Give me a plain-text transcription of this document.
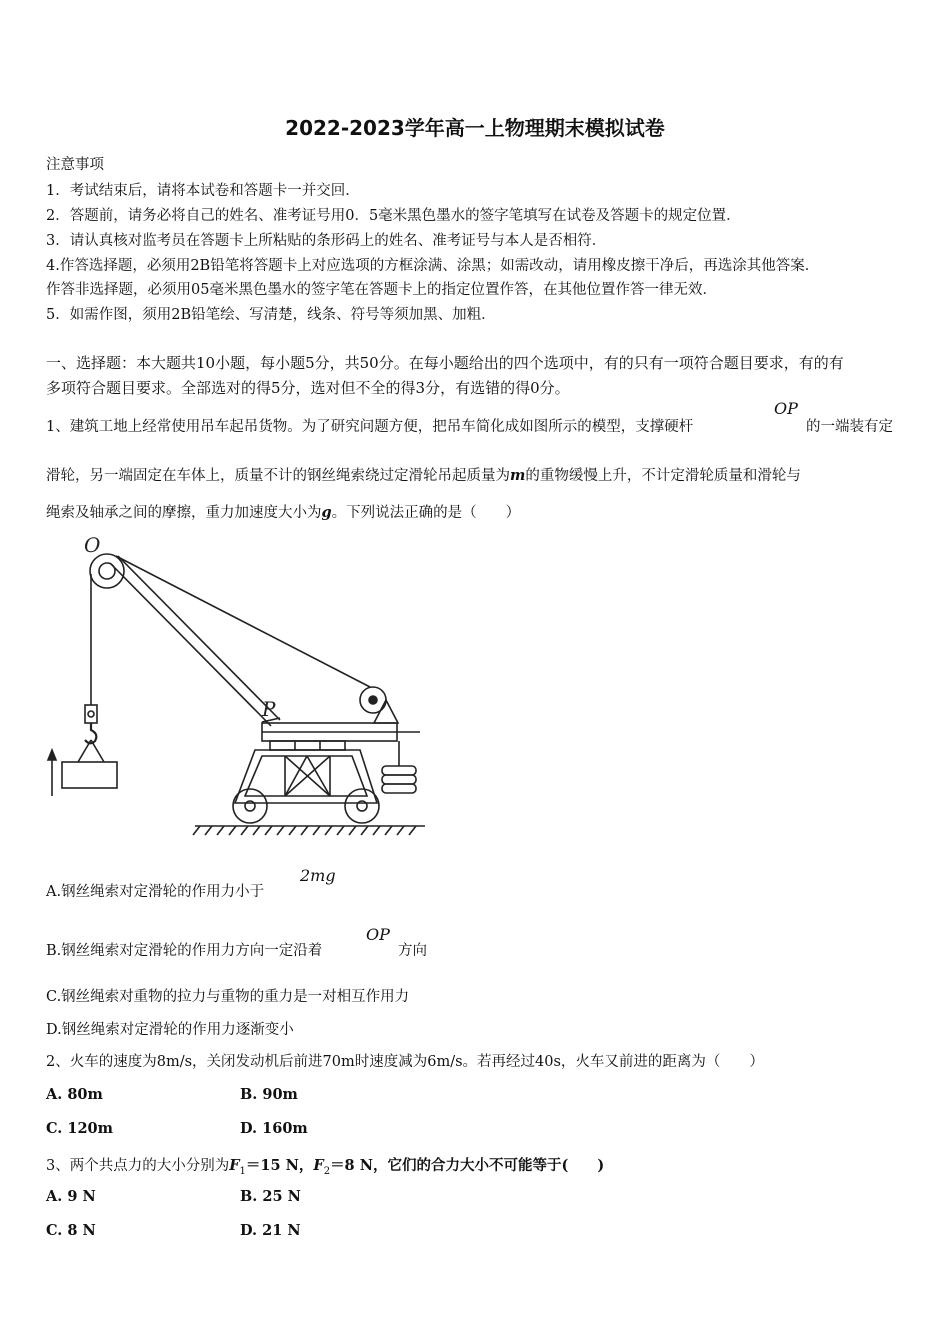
2022-2023学年高一上物理期末模拟试卷
注意事项
1．考试结束后，请将本试卷和答题卡一并交回．
2．答题前，请务必将自己的姓名、准考证号用0．5毫米黑色墨水的签字笔填写在试卷及答题卡的规定位置．
3．请认真核对监考员在答题卡上所粘贴的条形码上的姓名、准考证号与本人是否相符．
4.作答选择题，必须用2B铅笔将答题卡上对应选项的方框涂满、涂黑；如需改动，请用橡皮擦干净后，再选涂其他答案．
作答非选择题，必须用05毫米黑色墨水的签字笔在答题卡上的指定位置作答，在其他位置作答一律无效．
5．如需作图，须用2B铅笔绘、写清楚，线条、符号等须加黑、加粗．
一、选择题：本大题共10小题，每小题5分，共50分。在每小题给出的四个选项中，有的只有一项符合题目要求，有的有
多项符合题目要求。全部选对的得5分，选对但不全的得3分，有选错的得0分。
1、建筑工地上经常使用吊车起吊货物。为了研究问题方便，把吊车简化成如图所示的模型，支撑硬杆
OP
的一端装有定
滑轮，另一端固定在车体上，质量不计的钢丝绳索绕过定滑轮吊起质量为m的重物缓慢上升，不计定滑轮质量和滑轮与
绳索及轴承之间的摩擦，重力加速度大小为g。下列说法正确的是（　　）
O
P
A.钢丝绳索对定滑轮的作用力小于
2mg
B.钢丝绳索对定滑轮的作用力方向一定沿着
OP
方向
C.钢丝绳索对重物的拉力与重物的重力是一对相互作用力
D.钢丝绳索对定滑轮的作用力逐渐变小
2、火车的速度为8m/s，关闭发动机后前进70m时速度减为6m/s。若再经过40s，火车又前进的距离为（　　）
A. 80m	B. 90m
C. 120m	D. 160m
3、两个共点力的大小分别为$F_1=15$ N，$F_2=8$ N，它们的合力大小不可能等于(　　)
A. 9 N	B. 25 N
C. 8 N	D. 21 N
